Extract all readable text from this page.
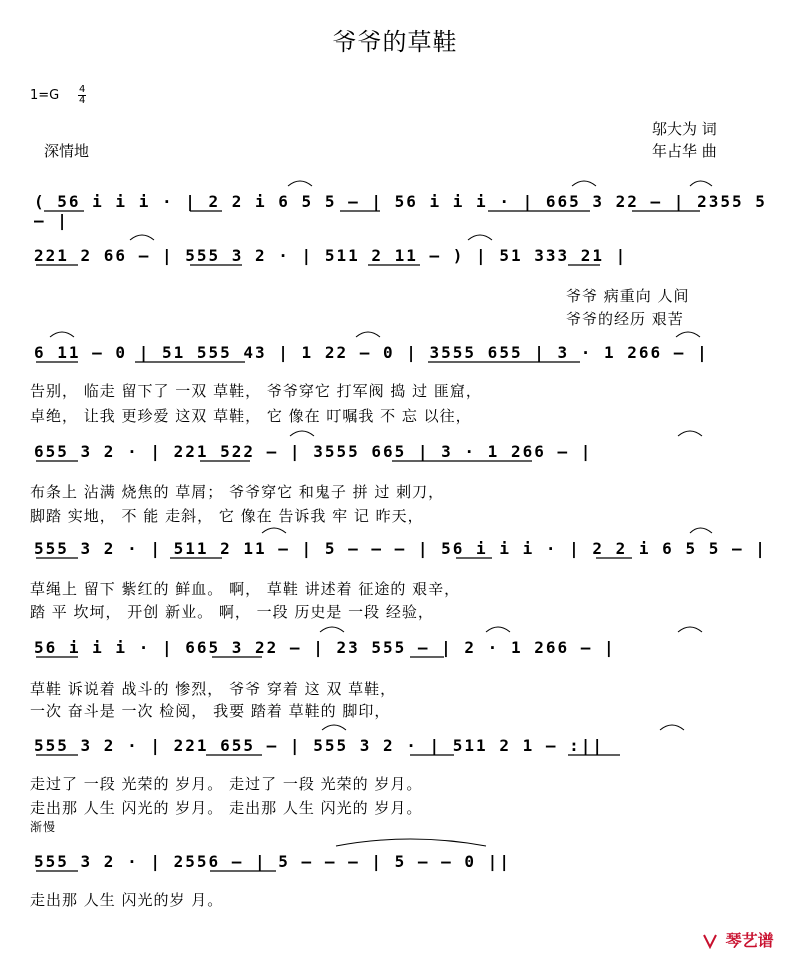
爷爷的草鞋
1=G 4
4
邬大为 词
年占华 曲
深情地
( 56 i i i · | 2 2 i 6 5 5 — | 56 i i i · | 665 3 22 — | 2355 5 — |
221 2 66 — | 555 3 2 · | 511 2 11 — ) | 51 333 21 |
爷爷 病重向 人间
爷爷的经历 艰苦
6 11 — 0 | 51 555 43 | 1 22 — 0 | 3555 655 | 3 · 1 266 — |
告别， 临走 留下了 一双 草鞋， 爷爷穿它 打军阀 捣 过 匪窟，
卓绝， 让我 更珍爱 这双 草鞋， 它 像在 叮嘱我 不 忘 以往，
655 3 2 · | 221 522 — | 3555 665 | 3 · 1 266 — |
布条上 沾满 烧焦的 草屑； 爷爷穿它 和鬼子 拼 过 刺刀，
脚踏 实地， 不 能 走斜， 它 像在 告诉我 牢 记 昨天，
555 3 2 · | 511 2 11 — | 5 — — — | 56 i i i · | 2 2 i 6 5 5 — |
草绳上 留下 紫红的 鲜血。 啊， 草鞋 讲述着 征途的 艰辛，
踏 平 坎坷， 开创 新业。 啊， 一段 历史是 一段 经验，
56 i i i · | 665 3 22 — | 23 555 — | 2 · 1 266 — |
草鞋 诉说着 战斗的 惨烈， 爷爷 穿着 这 双 草鞋，
一次 奋斗是 一次 检阅， 我要 踏着 草鞋的 脚印，
555 3 2 · | 221 655 — | 555 3 2 · | 511 2 1 — :||
走过了 一段 光荣的 岁月。 走过了 一段 光荣的 岁月。
走出那 人生 闪光的 岁月。 走出那 人生 闪光的 岁月。
渐慢
555 3 2 · | 2556 — | 5 — — — | 5 — — 0 ||
走出那 人生 闪光的岁 月。
琴艺谱
